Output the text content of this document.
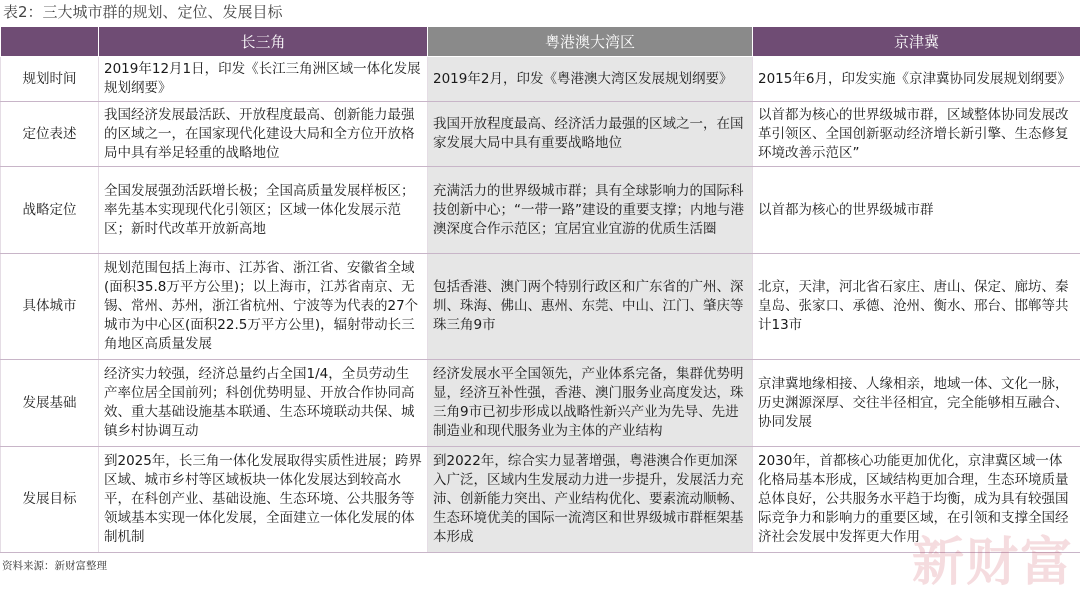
表2：三大城市群的规划、定位、发展目标
	长三角	粤港澳大湾区	京津冀
规划时间	2019年12月1日，印发《长江三角洲区域一体化发展规划纲要》	2019年2月，印发《粤港澳大湾区发展规划纲要》	2015年6月，印发实施《京津冀协同发展规划纲要》
定位表述	我国经济发展最活跃、开放程度最高、创新能力最强的区域之一，在国家现代化建设大局和全方位开放格局中具有举足轻重的战略地位	我国开放程度最高、经济活力最强的区域之一，在国家发展大局中具有重要战略地位	以首都为核心的世界级城市群，区域整体协同发展改革引领区、全国创新驱动经济增长新引擎、生态修复环境改善示范区”
战略定位	全国发展强劲活跃增长极；全国高质量发展样板区；率先基本实现现代化引领区；区域一体化发展示范区；新时代改革开放新高地	充满活力的世界级城市群；具有全球影响力的国际科技创新中心；“一带一路”建设的重要支撑；内地与港澳深度合作示范区；宜居宜业宜游的优质生活圈	以首都为核心的世界级城市群
具体城市	规划范围包括上海市、江苏省、浙江省、安徽省全域(面积35.8万平方公里)；以上海市，江苏省南京、无锡、常州、苏州，浙江省杭州、宁波等为代表的27个城市为中心区(面积22.5万平方公里)，辐射带动长三角地区高质量发展	包括香港、澳门两个特别行政区和广东省的广州、深圳、珠海、佛山、惠州、东莞、中山、江门、肇庆等珠三角9市	北京，天津，河北省石家庄、唐山、保定、廊坊、秦皇岛、张家口、承德、沧州、衡水、邢台、邯郸等共计13市
发展基础	经济实力较强，经济总量约占全国1/4，全员劳动生产率位居全国前列；科创优势明显、开放合作协同高效、重大基础设施基本联通、生态环境联动共保、城镇乡村协调互动	经济发展水平全国领先，产业体系完备，集群优势明显，经济互补性强，香港、澳门服务业高度发达，珠三角9市已初步形成以战略性新兴产业为先导、先进制造业和现代服务业为主体的产业结构	京津冀地缘相接、人缘相亲，地域一体、文化一脉，历史渊源深厚、交往半径相宜，完全能够相互融合、协同发展
发展目标	到2025年，长三角一体化发展取得实质性进展；跨界区域、城市乡村等区域板块一体化发展达到较高水平，在科创产业、基础设施、生态环境、公共服务等领域基本实现一体化发展，全面建立一体化发展的体制机制	到2022年，综合实力显著增强，粤港澳合作更加深入广泛，区域内生发展动力进一步提升，发展活力充沛、创新能力突出、产业结构优化、要素流动顺畅、生态环境优美的国际一流湾区和世界级城市群框架基本形成	2030年，首都核心功能更加优化，京津冀区域一体化格局基本形成，区域结构更加合理，生态环境质量总体良好，公共服务水平趋于均衡，成为具有较强国际竞争力和影响力的重要区域，在引领和支撑全国经济社会发展中发挥更大作用
资料来源：新财富整理	新财富
